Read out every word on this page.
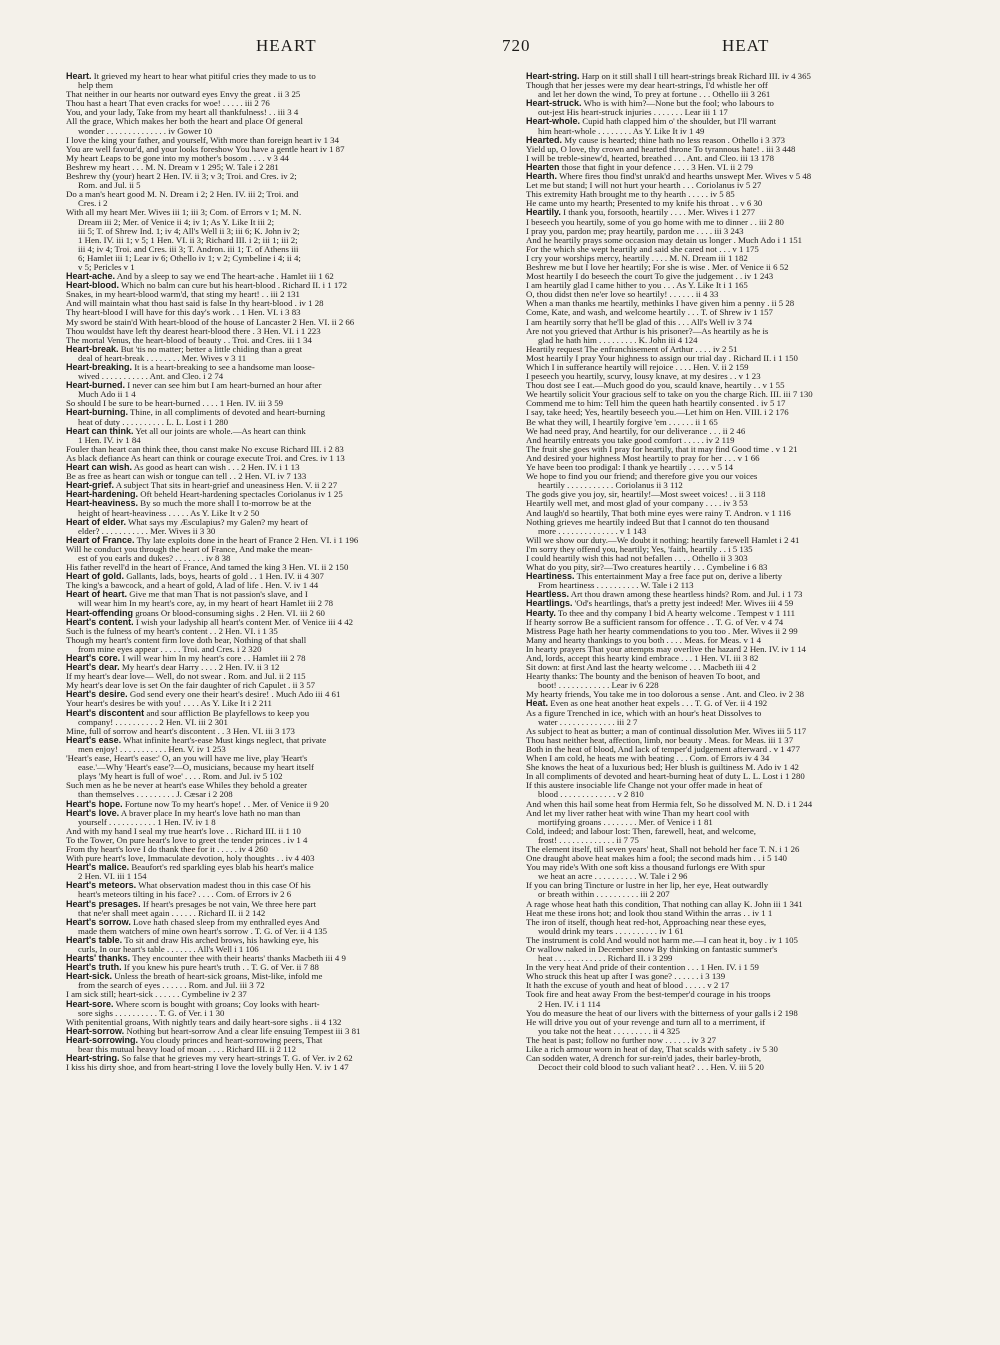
HEART	720	HEAT
Heart. It grieved my heart to hear what pitiful cries they made to us to
help them
That neither in our hearts nor outward eyes Envy the great . ii 3 25
Thou hast a heart That even cracks for woe! . . . . . iii 2 76
You, and your lady, Take from my heart all thankfulness! . . iii 3 4
All the grace, Which makes her both the heart and place Of general
wonder . . . . . . . . . . . . . . iv Gower 10
I love the king your father, and yourself, With more than foreign heart iv 1 34
You are well favour'd, and your looks foreshow You have a gentle heart iv 1 87
My heart Leaps to be gone into my mother's bosom . . . . v 3 44
Beshrew my heart . . . M. N. Dream v 1 295; W. Tale i 2 281
Beshrew thy (your) heart 2 Hen. IV. ii 3; v 3; Troi. and Cres. iv 2;
Rom. and Jul. ii 5
Do a man's heart good M. N. Dream i 2; 2 Hen. IV. iii 2; Troi. and
Cres. i 2
With all my heart Mer. Wives iii 1; iii 3; Com. of Errors v 1; M. N.
Dream iii 2; Mer. of Venice ii 4; iv 1; As Y. Like It iii 2;
iii 5; T. of Shrew Ind. 1; iv 4; All's Well ii 3; iii 6; K. John iv 2;
1 Hen. IV. iii 1; v 5; 1 Hen. VI. ii 3; Richard III. i 2; iii 1; iii 2;
iii 4; iv 4; Troi. and Cres. iii 3; T. Andron. iii 1; T. of Athens iii
6; Hamlet iii 1; Lear iv 6; Othello iv 1; v 2; Cymbeline i 4; ii 4;
v 5; Pericles v 1
Heart-ache. And by a sleep to say we end The heart-ache . Hamlet iii 1 62
Heart-blood. Which no balm can cure but his heart-blood . Richard II. i 1 172
Snakes, in my heart-blood warm'd, that sting my heart! . . iii 2 131
And will maintain what thou hast said is false In thy heart-blood . iv 1 28
Thy heart-blood I will have for this day's work . . 1 Hen. VI. i 3 83
My sword be stain'd With heart-blood of the house of Lancaster 2 Hen. VI. ii 2 66
Thou wouldst have left thy dearest heart-blood there . 3 Hen. VI. i 1 223
The mortal Venus, the heart-blood of beauty . . Troi. and Cres. iii 1 34
Heart-break. But 'tis no matter; better a little chiding than a great
deal of heart-break . . . . . . . . Mer. Wives v 3 11
Heart-breaking. It is a heart-breaking to see a handsome man loose-
wived . . . . . . . . . . . Ant. and Cleo. i 2 74
Heart-burned. I never can see him but I am heart-burned an hour after
Much Ado ii 1 4
So should I be sure to be heart-burned . . . . 1 Hen. IV. iii 3 59
Heart-burning. Thine, in all compliments of devoted and heart-burning
heat of duty . . . . . . . . . . L. L. Lost i 1 280
Heart can think. Yet all our joints are whole.—As heart can think
1 Hen. IV. iv 1 84
Fouler than heart can think thee, thou canst make No excuse Richard III. i 2 83
As black defiance As heart can think or courage execute Troi. and Cres. iv 1 13
Heart can wish. As good as heart can wish . . . 2 Hen. IV. i 1 13
Be as free as heart can wish or tongue can tell . . 2 Hen. VI. iv 7 133
Heart-grief. A subject That sits in heart-grief and uneasiness Hen. V. ii 2 27
Heart-hardening. Oft beheld Heart-hardening spectacles Coriolanus iv 1 25
Heart-heaviness. By so much the more shall I to-morrow be at the
height of heart-heaviness . . . . . As Y. Like It v 2 50
Heart of elder. What says my Æsculapius? my Galen? my heart of
elder? . . . . . . . . . . . Mer. Wives ii 3 30
Heart of France. Thy late exploits done in the heart of France 2 Hen. VI. i 1 196
Will he conduct you through the heart of France, And make the mean-
est of you earls and dukes? . . . . . . . iv 8 38
His father revell'd in the heart of France, And tamed the king 3 Hen. VI. ii 2 150
Heart of gold. Gallants, lads, boys, hearts of gold . . 1 Hen. IV. ii 4 307
The king's a bawcock, and a heart of gold, A lad of life . Hen. V. iv 1 44
Heart of heart. Give me that man That is not passion's slave, and I
will wear him In my heart's core, ay, in my heart of heart Hamlet iii 2 78
Heart-offending groans Or blood-consuming sighs . 2 Hen. VI. iii 2 60
Heart's content. I wish your ladyship all heart's content Mer. of Venice iii 4 42
Such is the fulness of my heart's content . . 2 Hen. VI. i 1 35
Though my heart's content firm love doth bear, Nothing of that shall
from mine eyes appear . . . . . Troi. and Cres. i 2 320
Heart's core. I will wear him In my heart's core . . Hamlet iii 2 78
Heart's dear. My heart's dear Harry . . . . 2 Hen. IV. ii 3 12
If my heart's dear love— Well, do not swear . Rom. and Jul. ii 2 115
My heart's dear love is set On the fair daughter of rich Capulet . ii 3 57
Heart's desire. God send every one their heart's desire! . Much Ado iii 4 61
Your heart's desires be with you! . . . . As Y. Like It i 2 211
Heart's discontent and sour affliction Be playfellows to keep you
company! . . . . . . . . . . 2 Hen. VI. iii 2 301
Mine, full of sorrow and heart's discontent . . 3 Hen. VI. iii 3 173
Heart's ease. What infinite heart's-ease Must kings neglect, that private
men enjoy! . . . . . . . . . . . Hen. V. iv 1 253
'Heart's ease, Heart's ease:' O, an you will have me live, play 'Heart's
ease.'—Why 'Heart's ease'?—O, musicians, because my heart itself
plays 'My heart is full of woe' . . . . Rom. and Jul. iv 5 102
Such men as he be never at heart's ease Whiles they behold a greater
than themselves . . . . . . . . . J. Cæsar i 2 208
Heart's hope. Fortune now To my heart's hope! . . Mer. of Venice ii 9 20
Heart's love. A braver place In my heart's love hath no man than
yourself . . . . . . . . . . . 1 Hen. IV. iv 1 8
And with my hand I seal my true heart's love . . Richard III. ii 1 10
To the Tower, On pure heart's love to greet the tender princes . iv 1 4
From thy heart's love I do thank thee for it . . . . . iv 4 260
With pure heart's love, Immaculate devotion, holy thoughts . . iv 4 403
Heart's malice. Beaufort's red sparkling eyes blab his heart's malice
2 Hen. VI. iii 1 154
Heart's meteors. What observation madest thou in this case Of his
heart's meteors tilting in his face? . . . . Com. of Errors iv 2 6
Heart's presages. If heart's presages be not vain, We three here part
that ne'er shall meet again . . . . . . Richard II. ii 2 142
Heart's sorrow. Love hath chased sleep from my enthralled eyes And
made them watchers of mine own heart's sorrow . T. G. of Ver. ii 4 135
Heart's table. To sit and draw His arched brows, his hawking eye, his
curls, In our heart's table . . . . . . . All's Well i 1 106
Hearts' thanks. They encounter thee with their hearts' thanks Macbeth iii 4 9
Heart's truth. If you knew his pure heart's truth . . T. G. of Ver. ii 7 88
Heart-sick. Unless the breath of heart-sick groans, Mist-like, infold me
from the search of eyes . . . . . . Rom. and Jul. iii 3 72
I am sick still; heart-sick . . . . . . Cymbeline iv 2 37
Heart-sore. Where scorn is bought with groans; Coy looks with heart-
sore sighs . . . . . . . . . . T. G. of Ver. i 1 30
With penitential groans, With nightly tears and daily heart-sore sighs . ii 4 132
Heart-sorrow. Nothing but heart-sorrow And a clear life ensuing Tempest iii 3 81
Heart-sorrowing. You cloudy princes and heart-sorrowing peers, That
bear this mutual heavy load of moan . . . . Richard III. ii 2 112
Heart-string. So false that he grieves my very heart-strings T. G. of Ver. iv 2 62
I kiss his dirty shoe, and from heart-string I love the lovely bully Hen. V. iv 1 47
Heart-string. Harp on it still shall I till heart-strings break Richard III. iv 4 365
Though that her jesses were my dear heart-strings, I'd whistle her off
and let her down the wind, To prey at fortune . . . Othello iii 3 261
Heart-struck. Who is with him?—None but the fool; who labours to
out-jest His heart-struck injuries . . . . . . . Lear iii 1 17
Heart-whole. Cupid hath clapped him o' the shoulder, but I'll warrant
him heart-whole . . . . . . . . As Y. Like It iv 1 49
Hearted. My cause is hearted; thine hath no less reason . Othello i 3 373
Yield up, O love, thy crown and hearted throne To tyrannous hate! . iii 3 448
I will be treble-sinew'd, hearted, breathed . . . Ant. and Cleo. iii 13 178
Hearten those that fight in your defence . . . . 3 Hen. VI. ii 2 79
Hearth. Where fires thou find'st unrak'd and hearths unswept Mer. Wives v 5 48
Let me but stand; I will not hurt your hearth . . . Coriolanus iv 5 27
This extremity Hath brought me to thy hearth . . . . . iv 5 85
He came unto my hearth; Presented to my knife his throat . . v 6 30
Heartily. I thank you, forsooth, heartily . . . . Mer. Wives i 1 277
I beseech you heartily, some of you go home with me to dinner . . iii 2 80
I pray you, pardon me; pray heartily, pardon me . . . . iii 3 243
And he heartily prays some occasion may detain us longer . Much Ado i 1 151
For the which she wept heartily and said she cared not . . . v 1 175
I cry your worships mercy, heartily . . . . M. N. Dream iii 1 182
Beshrew me but I love her heartily; For she is wise . Mer. of Venice ii 6 52
Most heartily I do beseech the court To give the judgement . . iv 1 243
I am heartily glad I came hither to you . . . As Y. Like It i 1 165
O, thou didst then ne'er love so heartily! . . . . . . ii 4 33
When a man thanks me heartily, methinks I have given him a penny . ii 5 28
Come, Kate, and wash, and welcome heartily . . . T. of Shrew iv 1 157
I am heartily sorry that he'll be glad of this . . . All's Well iv 3 74
Are not you grieved that Arthur is his prisoner?—As heartily as he is
glad he hath him . . . . . . . . . K. John iii 4 124
Heartily request The enfranchisement of Arthur . . . . iv 2 51
Most heartily I pray Your highness to assign our trial day . Richard II. i 1 150
Which I in sufferance heartily will rejoice . . . . Hen. V. ii 2 159
I peseech you heartily, scurvy, lousy knave, at my desires . . v 1 23
Thou dost see I eat.—Much good do you, scauld knave, heartily . . v 1 55
We heartily solicit Your gracious self to take on you the charge Rich. III. iii 7 130
Commend me to him: Tell him the queen hath heartily consented . iv 5 17
I say, take heed; Yes, heartily beseech you.—Let him on Hen. VIII. i 2 176
Be what they will, I heartily forgive 'em . . . . . . ii 1 65
We had need pray, And heartily, for our deliverance . . . ii 2 46
And heartily entreats you take good comfort . . . . . iv 2 119
The fruit she goes with I pray for heartily, that it may find Good time . v 1 21
And desired your highness Most heartily to pray for her . . . v 1 66
Ye have been too prodigal: I thank ye heartily . . . . . v 5 14
We hope to find you our friend; and therefore give you our voices
heartily . . . . . . . . . . . Coriolanus ii 3 112
The gods give you joy, sir, heartily!—Most sweet voices! . . ii 3 118
Heartily well met, and most glad of your company . . . . iv 3 53
And laugh'd so heartily, That both mine eyes were rainy T. Andron. v 1 116
Nothing grieves me heartily indeed But that I cannot do ten thousand
more . . . . . . . . . . . . . . v 1 143
Will we show our duty.—We doubt it nothing: heartily farewell Hamlet i 2 41
I'm sorry they offend you, heartily; Yes, 'faith, heartily . . i 5 135
I could heartily wish this had not befallen . . . . Othello ii 3 303
What do you pity, sir?—Two creatures heartily . . . Cymbeline i 6 83
Heartiness. This entertainment May a free face put on, derive a liberty
From heartiness . . . . . . . . . . W. Tale i 2 113
Heartless. Art thou drawn among these heartless hinds? Rom. and Jul. i 1 73
Heartlings. 'Od's heartlings, that's a pretty jest indeed! Mer. Wives iii 4 59
Hearty. To thee and thy company I bid A hearty welcome . Tempest v 1 111
If hearty sorrow Be a sufficient ransom for offence . . T. G. of Ver. v 4 74
Mistress Page hath her hearty commendations to you too . Mer. Wives ii 2 99
Many and hearty thankings to you both . . . . Meas. for Meas. v 1 4
In hearty prayers That your attempts may overlive the hazard 2 Hen. IV. iv 1 14
And, lords, accept this hearty kind embrace . . . 1 Hen. VI. iii 3 82
Sit down: at first And last the hearty welcome . . . Macbeth iii 4 2
Hearty thanks: The bounty and the benison of heaven To boot, and
boot! . . . . . . . . . . . . Lear iv 6 228
My hearty friends, You take me in too dolorous a sense . Ant. and Cleo. iv 2 38
Heat. Even as one heat another heat expels . . . T. G. of Ver. ii 4 192
As a figure Trenched in ice, which with an hour's heat Dissolves to
water . . . . . . . . . . . . . iii 2 7
As subject to heat as butter; a man of continual dissolution Mer. Wives iii 5 117
Thou hast neither heat, affection, limb, nor beauty . Meas. for Meas. iii 1 37
Both in the heat of blood, And lack of temper'd judgement afterward . v 1 477
When I am cold, he heats me with beating . . . Com. of Errors iv 4 34
She knows the heat of a luxurious bed; Her blush is guiltiness M. Ado iv 1 42
In all compliments of devoted and heart-burning heat of duty L. L. Lost i 1 280
If this austere insociable life Change not your offer made in heat of
blood . . . . . . . . . . . . . v 2 810
And when this hail some heat from Hermia felt, So he dissolved M. N. D. i 1 244
And let my liver rather heat with wine Than my heart cool with
mortifying groans . . . . . . . . Mer. of Venice i 1 81
Cold, indeed; and labour lost: Then, farewell, heat, and welcome,
frost! . . . . . . . . . . . . . ii 7 75
The element itself, till seven years' heat, Shall not behold her face T. N. i 1 26
One draught above heat makes him a fool; the second mads him . . i 5 140
You may ride's With one soft kiss a thousand furlongs ere With spur
we heat an acre . . . . . . . . . . W. Tale i 2 96
If you can bring Tincture or lustre in her lip, her eye, Heat outwardly
or breath within . . . . . . . . . . iii 2 207
A rage whose heat hath this condition, That nothing can allay K. John iii 1 341
Heat me these irons hot; and look thou stand Within the arras . . iv 1 1
The iron of itself, though heat red-hot, Approaching near these eyes,
would drink my tears . . . . . . . . . . iv 1 61
The instrument is cold And would not harm me.—I can heat it, boy . iv 1 105
Or wallow naked in December snow By thinking on fantastic summer's
heat . . . . . . . . . . . . Richard II. i 3 299
In the very heat And pride of their contention . . . 1 Hen. IV. i 1 59
Who struck this heat up after I was gone? . . . . . . i 3 139
It hath the excuse of youth and heat of blood . . . . . v 2 17
Took fire and heat away From the best-temper'd courage in his troops
2 Hen. IV. i 1 114
You do measure the heat of our livers with the bitterness of your galls i 2 198
He will drive you out of your revenge and turn all to a merriment, if
you take not the heat . . . . . . . . . ii 4 325
The heat is past; follow no further now . . . . . . iv 3 27
Like a rich armour worn in heat of day, That scalds with safety . iv 5 30
Can sodden water, A drench for sur-rein'd jades, their barley-broth,
Decoct their cold blood to such valiant heat? . . . Hen. V. iii 5 20
